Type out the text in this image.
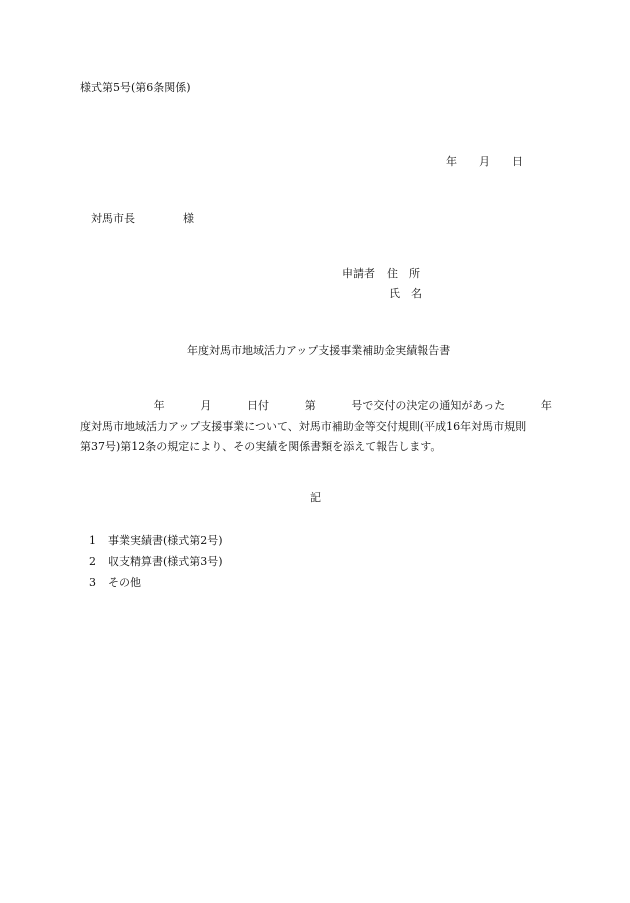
様式第5号(第6条関係)
年 月 日
対馬市長	様
申請者 住　所
氏　名
年度対馬市地域活力アップ支援事業補助金実績報告書
年	月	日付	第	号で交付の決定の通知があった	年
度対馬市地域活力アップ支援事業について、対馬市補助金等交付規則(平成16年対馬市規則
第37号)第12条の規定により、その実績を関係書類を添えて報告します。
記
1 事業実績書(様式第2号)
2 収支精算書(様式第3号)
3 その他
